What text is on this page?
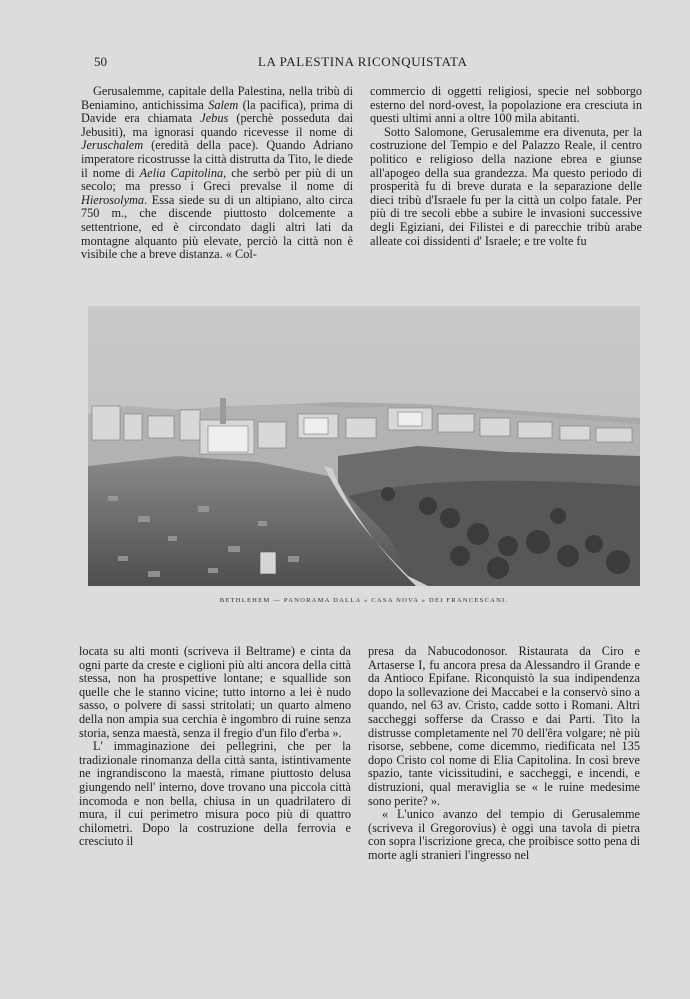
50	LA PALESTINA RICONQUISTATA

Gerusalemme, capitale della Palestina, nella tribù di Beniamino, antichissima Salem (la pacifica), prima di Davide era chiamata Jebus (perchè posseduta dai Jebusiti), ma ignorasi quando ricevesse il nome di Jeruschalem (eredità della pace). Quando Adriano imperatore ricostrusse la città distrutta da Tito, le diede il nome di Aelia Capitolina, che serbò per più di un secolo; ma presso i Greci prevalse il nome di Hierosolyma. Essa siede su di un altipiano, alto circa 750 m., che discende piuttosto dolcemente a settentrione, ed è circondato dagli altri lati da montagne alquanto più elevate, perciò la città non è visibile che a breve distanza. « Col-

commercio di oggetti religiosi, specie nel sobborgo esterno del nord-ovest, la popolazione era cresciuta in questi ultimi anni a oltre 100 mila abitanti.

Sotto Salomone, Gerusalemme era divenuta, per la costruzione del Tempio e del Palazzo Reale, il centro politico e religioso della nazione ebrea e giunse all'apogeo della sua grandezza. Ma questo periodo di prosperità fu di breve durata e la separazione delle dieci tribù d'Israele fu per la città un colpo fatale. Per più di tre secoli ebbe a subire le invasioni successive degli Egiziani, dei Filistei e di parecchie tribù arabe alleate coi dissidenti d' Israele; e tre volte fu

BETHLEHEM — PANORAMA DALLA « CASA NOVA » DEI FRANCESCANI.

locata su alti monti (scriveva il Beltrame) e cinta da ogni parte da creste e ciglioni più alti ancora della città stessa, non ha prospettive lontane; e squallide son quelle che le stanno vicine; tutto intorno a lei è nudo sasso, o polvere di sassi stritolati; un quarto almeno della non ampia sua cerchia è ingombro di ruine senza storia, senza maestà, senza il fregio d'un filo d'erba ».

L' immaginazione dei pellegrini, che per la tradizionale rinomanza della città santa, istintivamente ne ingrandiscono la maestà, rimane piuttosto delusa giungendo nell' interno, dove trovano una piccola città incomoda e non bella, chiusa in un quadrilatero di mura, il cui perimetro misura poco più di quattro chilometri. Dopo la costruzione della ferrovia e cresciuto il

presa da Nabucodonosor. Ristaurata da Ciro e Artaserse I, fu ancora presa da Alessandro il Grande e da Antioco Epifane. Riconquistò la sua indipendenza dopo la sollevazione dei Maccabei e la conservò sino a quando, nel 63 av. Cristo, cadde sotto i Romani. Altri saccheggi sofferse da Crasso e dai Parti. Tito la distrusse completamente nel 70 dell'êra volgare; nè più risorse, sebbene, come dicemmo, riedificata nel 135 dopo Cristo col nome di Elia Capitolina. In così breve spazio, tante vicissitudini, e saccheggi, e incendi, e distruzioni, qual meraviglia se « le ruine medesime sono perite? ».

« L'unico avanzo del tempio di Gerusalemme (scriveva il Gregorovius) è oggi una tavola di pietra con sopra l'iscrizione greca, che proibisce sotto pena di morte agli stranieri l'ingresso nel
